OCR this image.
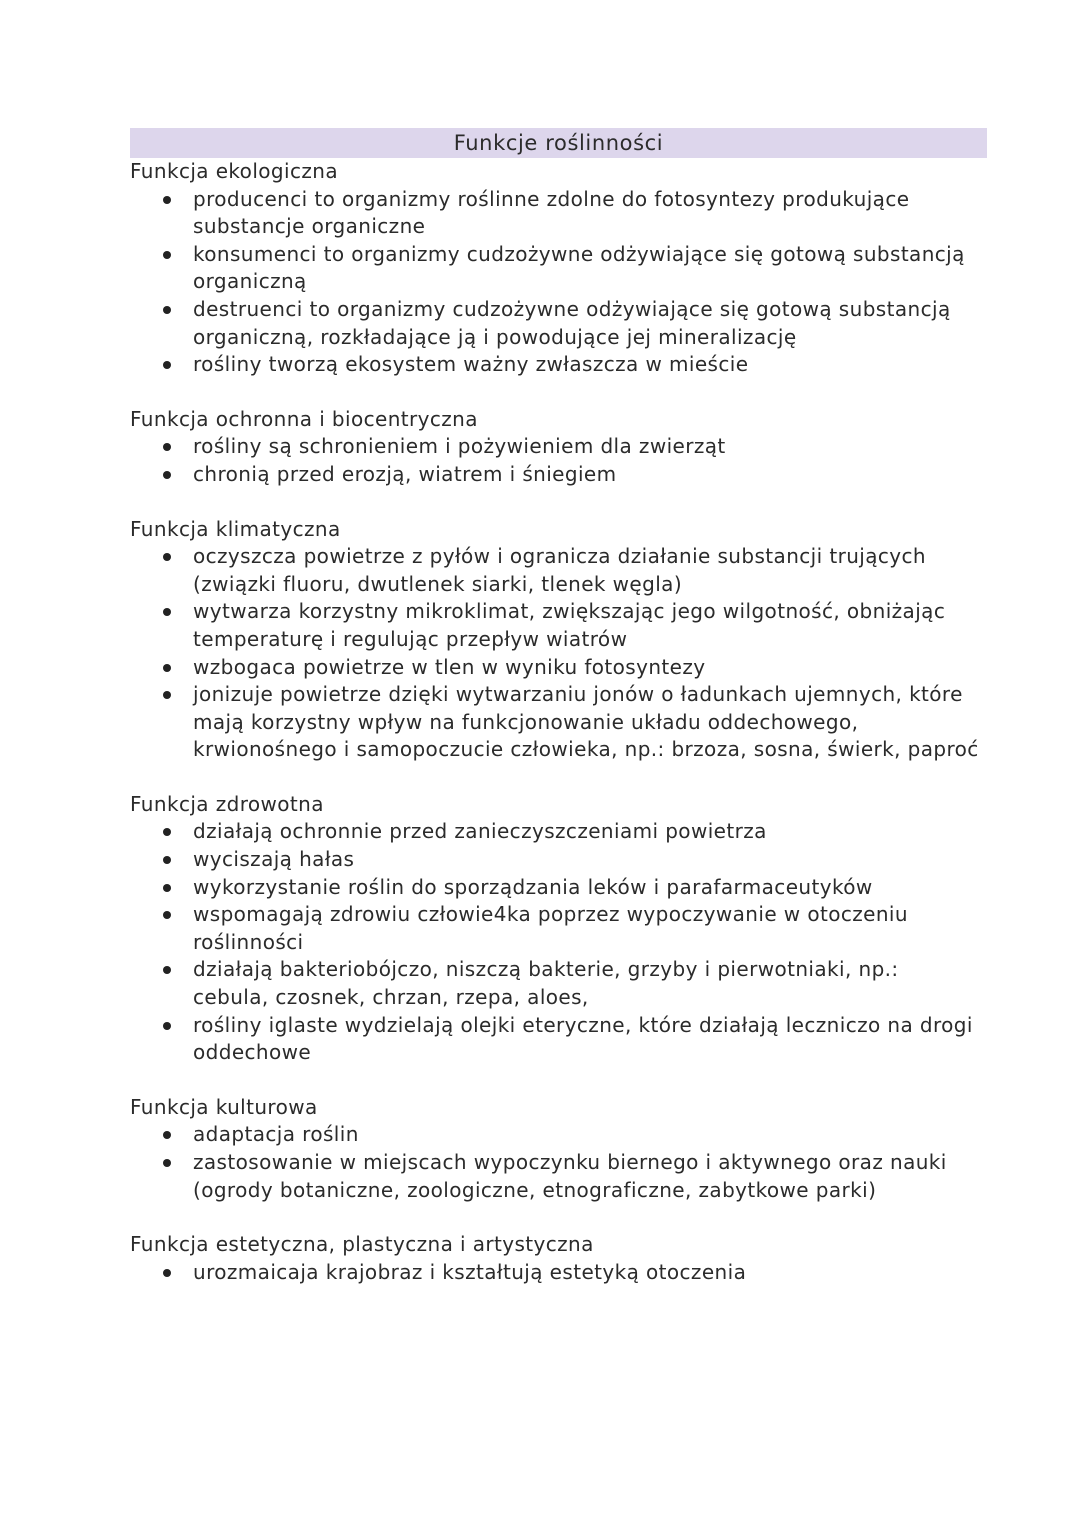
Funkcje roślinności

Funkcja ekologiczna

producenci to organizmy roślinne zdolne do fotosyntezy produkujące substancje organiczne
konsumenci to organizmy cudzożywne odżywiające się gotową substancją organiczną
destruenci to organizmy cudzożywne odżywiające się gotową substancją organiczną, rozkładające ją i powodujące jej mineralizację
rośliny tworzą ekosystem ważny zwłaszcza w mieście

Funkcja ochronna i biocentryczna

rośliny są schronieniem i pożywieniem dla zwierząt
chronią przed erozją, wiatrem i śniegiem

Funkcja klimatyczna

oczyszcza powietrze z pyłów i ogranicza działanie substancji trujących (związki fluoru, dwutlenek siarki, tlenek węgla)
wytwarza korzystny mikroklimat, zwiększając jego wilgotność, obniżając temperaturę i regulując przepływ wiatrów
wzbogaca powietrze w tlen w wyniku fotosyntezy
jonizuje powietrze dzięki wytwarzaniu jonów o ładunkach ujemnych, które mają korzystny wpływ na funkcjonowanie układu oddechowego, krwionośnego i samopoczucie człowieka, np.: brzoza, sosna, świerk, paproć

Funkcja zdrowotna

działają ochronnie przed zanieczyszczeniami powietrza
wyciszają hałas
wykorzystanie roślin do sporządzania leków i parafarmaceutyków
wspomagają zdrowiu człowie4ka poprzez wypoczywanie w otoczeniu roślinności
działają bakteriobójczo, niszczą bakterie, grzyby i pierwotniaki, np.: cebula, czosnek, chrzan, rzepa, aloes,
rośliny iglaste wydzielają olejki eteryczne, które działają leczniczo na drogi oddechowe

Funkcja kulturowa

adaptacja roślin
zastosowanie w miejscach wypoczynku biernego i aktywnego oraz nauki (ogrody botaniczne, zoologiczne, etnograficzne, zabytkowe parki)

Funkcja estetyczna, plastyczna i artystyczna

urozmaicaja krajobraz i kształtują estetyką otoczenia
